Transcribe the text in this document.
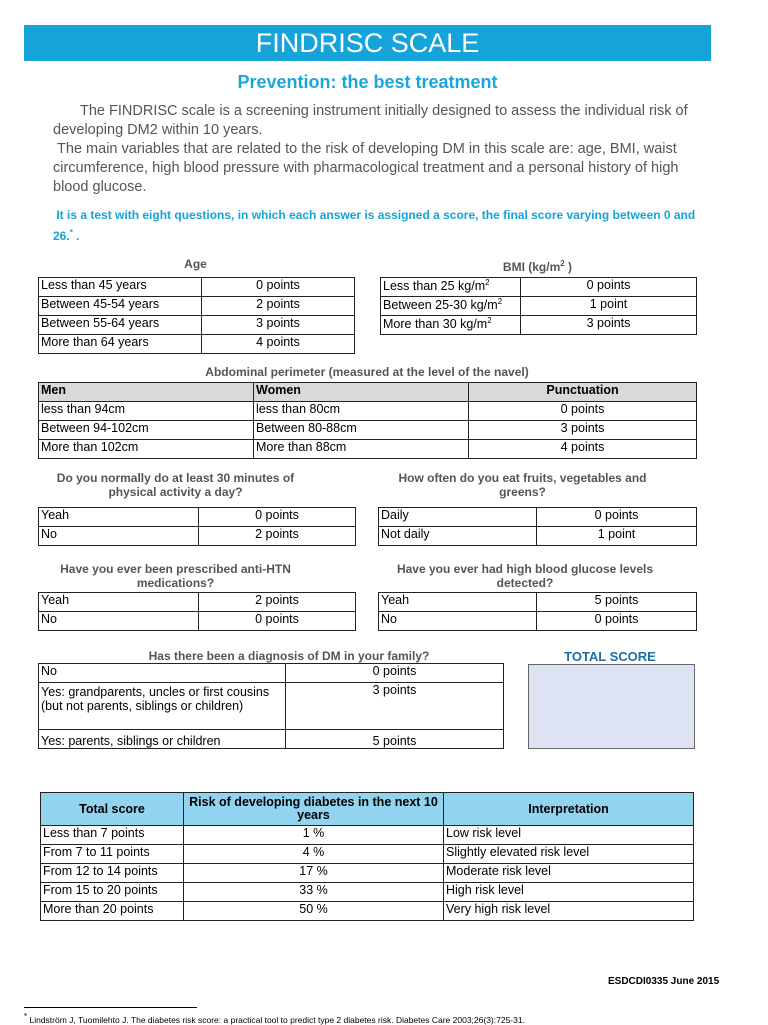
FINDRISC SCALE
Prevention: the best treatment

The FINDRISC scale is a screening instrument initially designed to assess the individual risk of developing DM2 within 10 years.

The main variables that are related to the risk of developing DM in this scale are: age, BMI, waist circumference, high blood pressure with pharmacological treatment and a personal history of high blood glucose.

It is a test with eight questions, in which each answer is assigned a score, the final score varying between 0 and 26.* .
Age
Less than 45 years	0 points
Between 45-54 years	2 points
Between 55-64 years	3 points
More than 64 years	4 points
BMI ($kg/m^2$ )
Less than 25 $kg/m^2$	0 points
Between 25-30 $kg/m^2$	1 point
More than 30 $kg/m^2$	3 points
Abdominal perimeter (measured at the level of the navel)
Men	Women	Punctuation
less than 94cm	less than 80cm	0 points
Between 94-102cm	Between 80-88cm	3 points
More than 102cm	More than 88cm	4 points
Do you normally do at least 30 minutes of physical activity a day?
Yeah	0 points
No	2 points
How often do you eat fruits, vegetables and greens?
Daily	0 points
Not daily	1 point
Have you ever been prescribed anti-HTN medications?
Yeah	2 points
No	0 points
Have you ever had high blood glucose levels detected?
Yeah	5 points
No	0 points
Has there been a diagnosis of DM in your family?
No	0 points
Yes: grandparents, uncles or first cousins (but not parents, siblings or children)	3 points
Yes: parents, siblings or children	5 points
TOTAL SCORE
Total score	Risk of developing diabetes in the next 10 years	Interpretation
Less than 7 points	1 %	Low risk level
From 7 to 11 points	4 %	Slightly elevated risk level
From 12 to 14 points	17 %	Moderate risk level
From 15 to 20 points	33 %	High risk level
More than 20 points	50 %	Very high risk level
ESDCDI0335 June 2015
* Lindström J, Tuomilehto J. The diabetes risk score: a practical tool to predict type 2 diabetes risk. Diabetes Care 2003;26(3):725-31.
